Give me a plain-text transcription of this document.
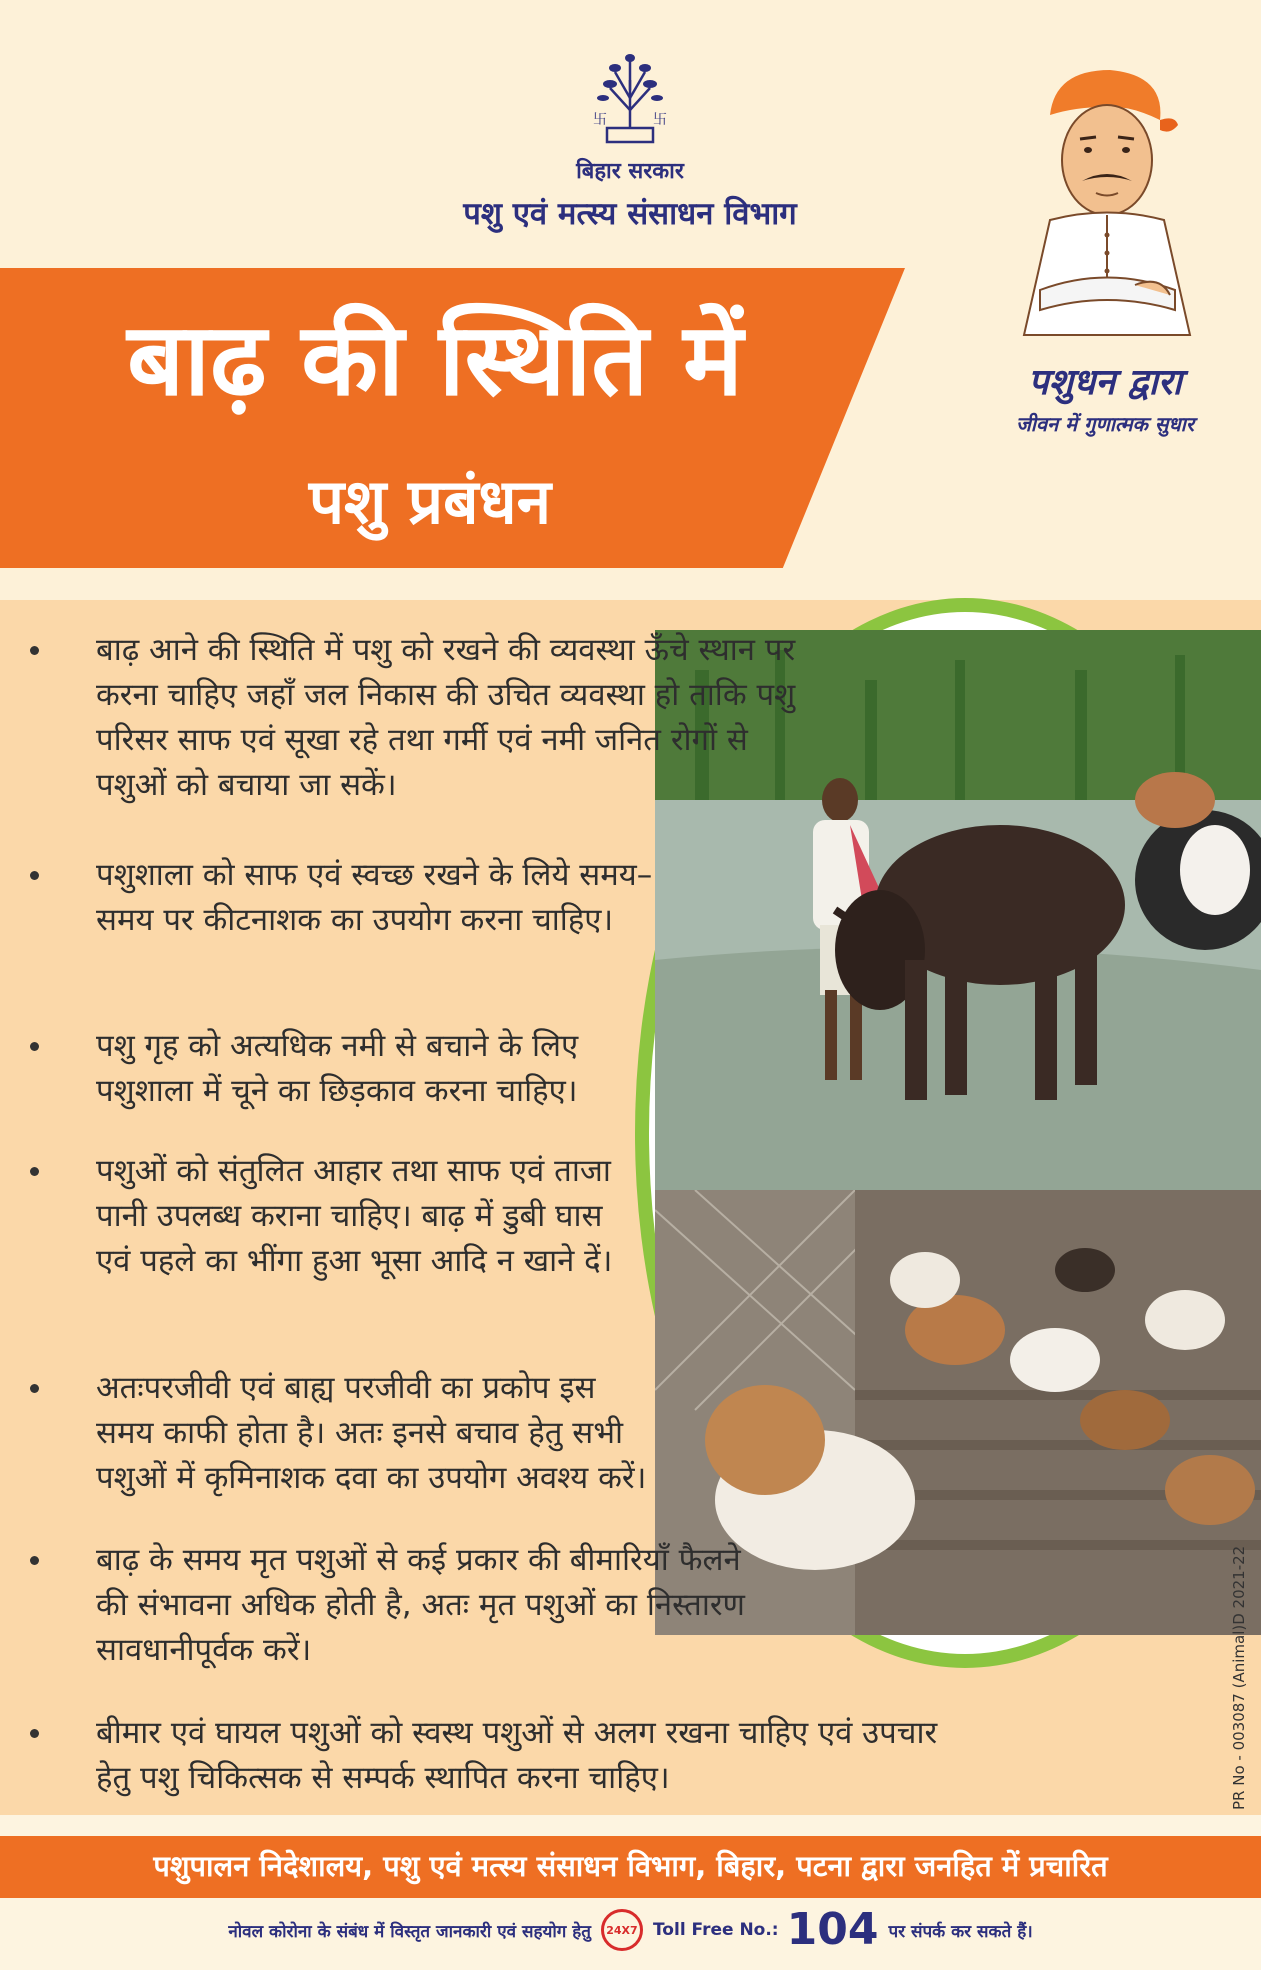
卐	卐
बिहार सरकार
पशु एवं मत्स्य संसाधन विभाग
बाढ़ की स्थिति में
पशु प्रबंधन
पशुधन द्वारा
जीवन में गुणात्मक सुधार
बाढ़ आने की स्थिति में पशु को रखने की व्यवस्था ऊँचे स्थान पर करना चाहिए जहाँ जल निकास की उचित व्यवस्था हो ताकि पशु परिसर साफ एवं सूखा रहे तथा गर्मी एवं नमी जनित रोगों से पशुओं को बचाया जा सकें।
पशुशाला को साफ एवं स्वच्छ रखने के लिये समय–समय पर कीटनाशक का उपयोग करना चाहिए।
पशु गृह को अत्यधिक नमी से बचाने के लिए पशुशाला में चूने का छिड़काव करना चाहिए।
पशुओं को संतुलित आहार तथा साफ एवं ताजा पानी उपलब्ध कराना चाहिए। बाढ़ में डुबी घास एवं पहले का भींगा हुआ भूसा आदि न खाने दें।
अतःपरजीवी एवं बाह्य परजीवी का प्रकोप इस समय काफी होता है। अतः इनसे बचाव हेतु सभी पशुओं में कृमिनाशक दवा का उपयोग अवश्य करें।
बाढ़ के समय मृत पशुओं से कई प्रकार की बीमारियाँ फैलने की संभावना अधिक होती है, अतः मृत पशुओं का निस्तारण सावधानीपूर्वक करें।
बीमार एवं घायल पशुओं को स्वस्थ पशुओं से अलग रखना चाहिए एवं उपचार हेतु पशु चिकित्सक से सम्पर्क स्थापित करना चाहिए।	PR No - 003087 (Animal)D 2021-22
पशुपालन निदेशालय, पशु एवं मत्स्य संसाधन विभाग, बिहार, पटना द्वारा जनहित में प्रचारित
नोवल कोरोना के संबंध में विस्तृत जानकारी एवं सहयोग हेतु	24X7 Toll Free No.: 104 पर संपर्क कर सकते हैं।
